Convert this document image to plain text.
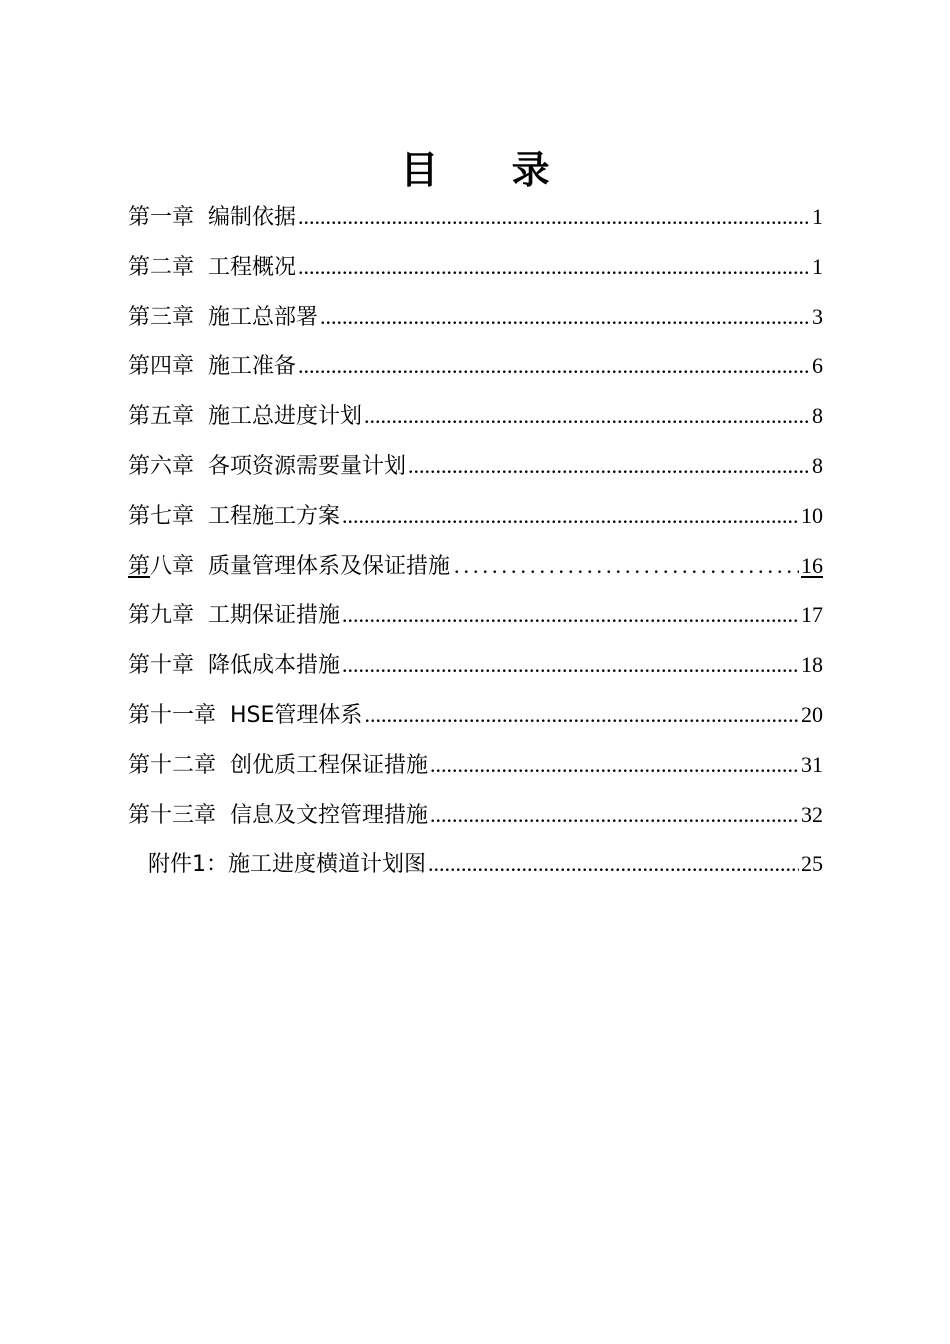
目 录
第一章 编制依据 .....	1
第二章 工程概况 .....	1
第三章 施工总部署 .....	3
第四章 施工准备 .....	6
第五章 施工总进度计划 .....	8
第六章 各项资源需要量计划 .....	8
第七章 工程施工方案 .....	10
第八章 质量管理体系及保证措施 .....	16
第九章 工期保证措施 .....	17
第十章 降低成本措施 .....	18
第十一章 HSE管理体系 .....	20
第十二章 创优质工程保证措施 .....	31
第十三章 信息及文控管理措施 .....	32
附件1： 施工进度横道计划图 .....	25
